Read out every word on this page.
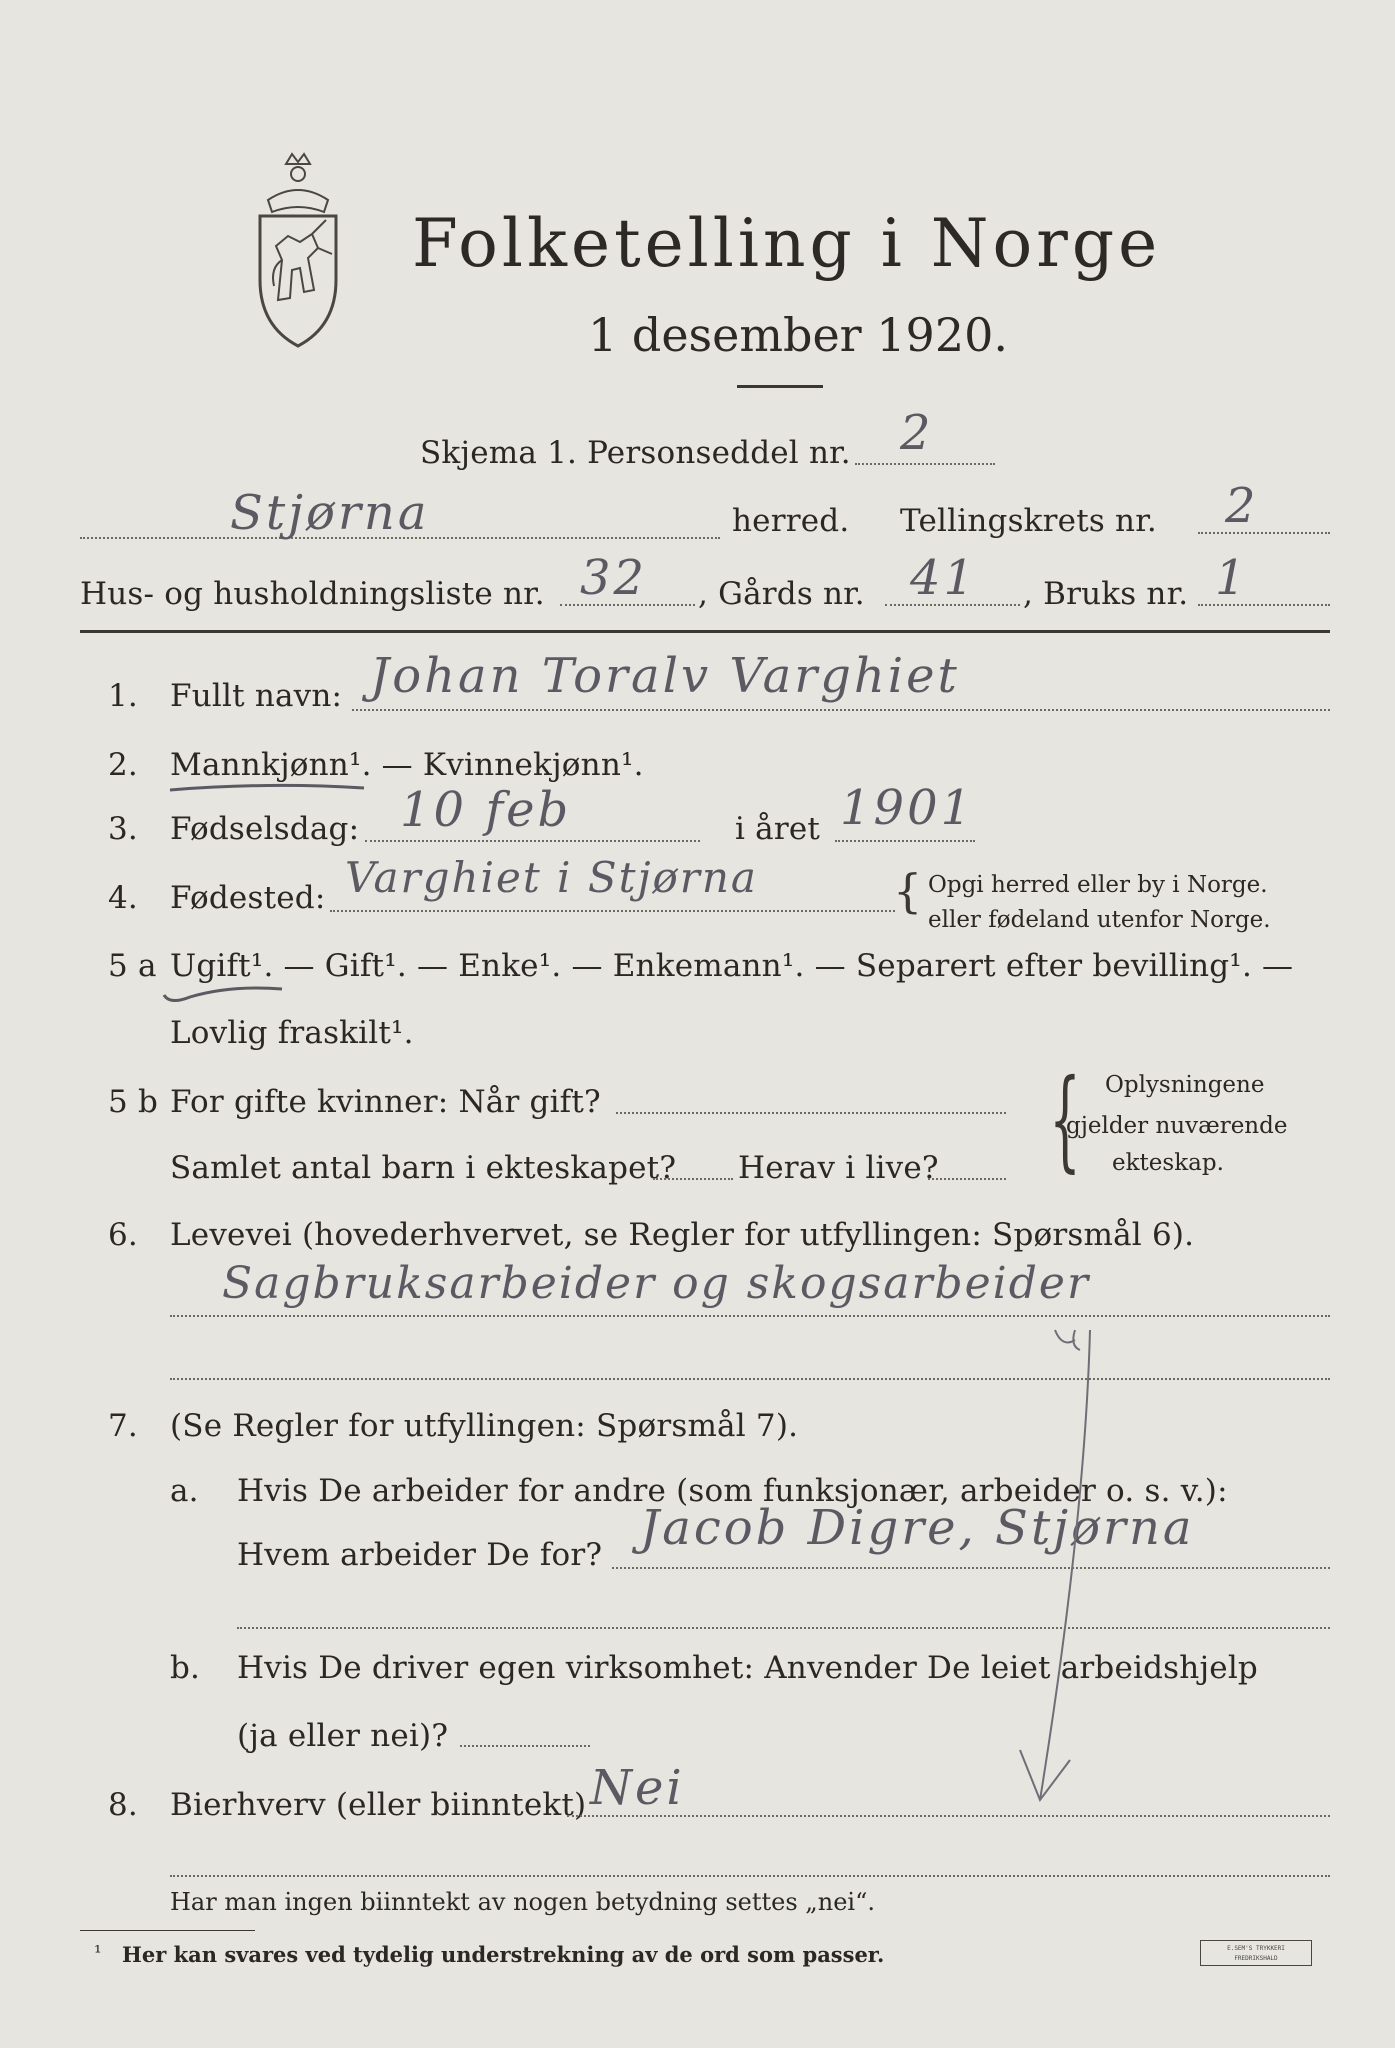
Folketelling i Norge
1 desember 1920.
Skjema 1. Personseddel nr. 2
Stjørna	herred. Tellingskrets nr. 2
Hus- og husholdningsliste nr. 32 , Gårds nr. 41 , Bruks nr. 1
1. Fullt navn: Johan Toralv Varghiet
2. Mannkjønn¹. — Kvinnekjønn¹.
3. Fødselsdag: 10 feb	i året 1901
4. Fødested: Varghiet i Stjørna	{ Opgi herred eller by i Norge.
eller fødeland utenfor Norge.
5 a Ugift¹. — Gift¹. — Enke¹. — Enkemann¹. — Separert efter bevilling¹. —
Lovlig fraskilt¹.
5 b For gifte kvinner: Når gift?
Samlet antal barn i ekteskapet? Herav i live? { Oplysningene
gjelder nuværende
ekteskap.
6. Levevei (hovederhvervet, se Regler for utfyllingen: Spørsmål 6).
Sagbruksarbeider og skogsarbeider
7. (Se Regler for utfyllingen: Spørsmål 7).
a. Hvis De arbeider for andre (som funksjonær, arbeider o. s. v.):
Hvem arbeider De for? Jacob Digre, Stjørna
b. Hvis De driver egen virksomhet: Anvender De leiet arbeidshjelp
(ja eller nei)?
8. Bierhverv (eller biinntekt) Nei
Har man ingen biinntekt av nogen betydning settes „nei“.
¹ Her kan svares ved tydelig understrekning av de ord som passer.	E.SEM'S TRYKKERI FREDRIKSHALD
